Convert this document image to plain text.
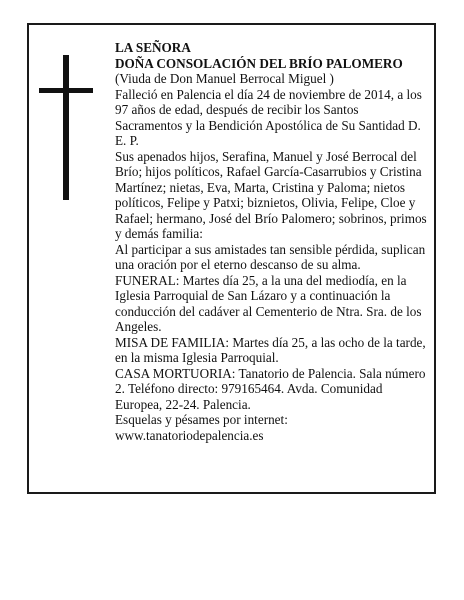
LA SEÑORA

DOÑA CONSOLACIÓN DEL BRÍO PALOMERO

(Viuda de Don Manuel Berrocal Miguel )

Falleció en Palencia el día 24 de noviembre de 2014, a los 97 años de edad, después de recibir los Santos Sacramentos y la Bendición Apostólica de Su Santidad D. E. P.

Sus apenados hijos, Serafina, Manuel y José Berrocal del Brío; hijos políticos, Rafael García-Casarrubios y Cristina Martínez; nietas, Eva, Marta, Cristina y Paloma; nietos políticos, Felipe y Patxi; biznietos, Olivia, Felipe, Cloe y Rafael; hermano, José del Brío Palomero; sobrinos, primos y demás familia:

Al participar a sus amistades tan sensible pérdida, suplican una oración por el eterno descanso de su alma.

FUNERAL: Martes día 25, a la una del mediodía, en la Iglesia Parroquial de San Lázaro y a continuación la conducción del cadáver al Cementerio de Ntra. Sra. de los Angeles.

MISA DE FAMILIA: Martes día 25, a las ocho de la tarde, en la misma Iglesia Parroquial.

CASA MORTUORIA: Tanatorio de Palencia. Sala número 2. Teléfono directo: 979165464. Avda. Comunidad Europea, 22-24. Palencia.

Esquelas y pésames por internet:

www.tanatoriodepalencia.es
